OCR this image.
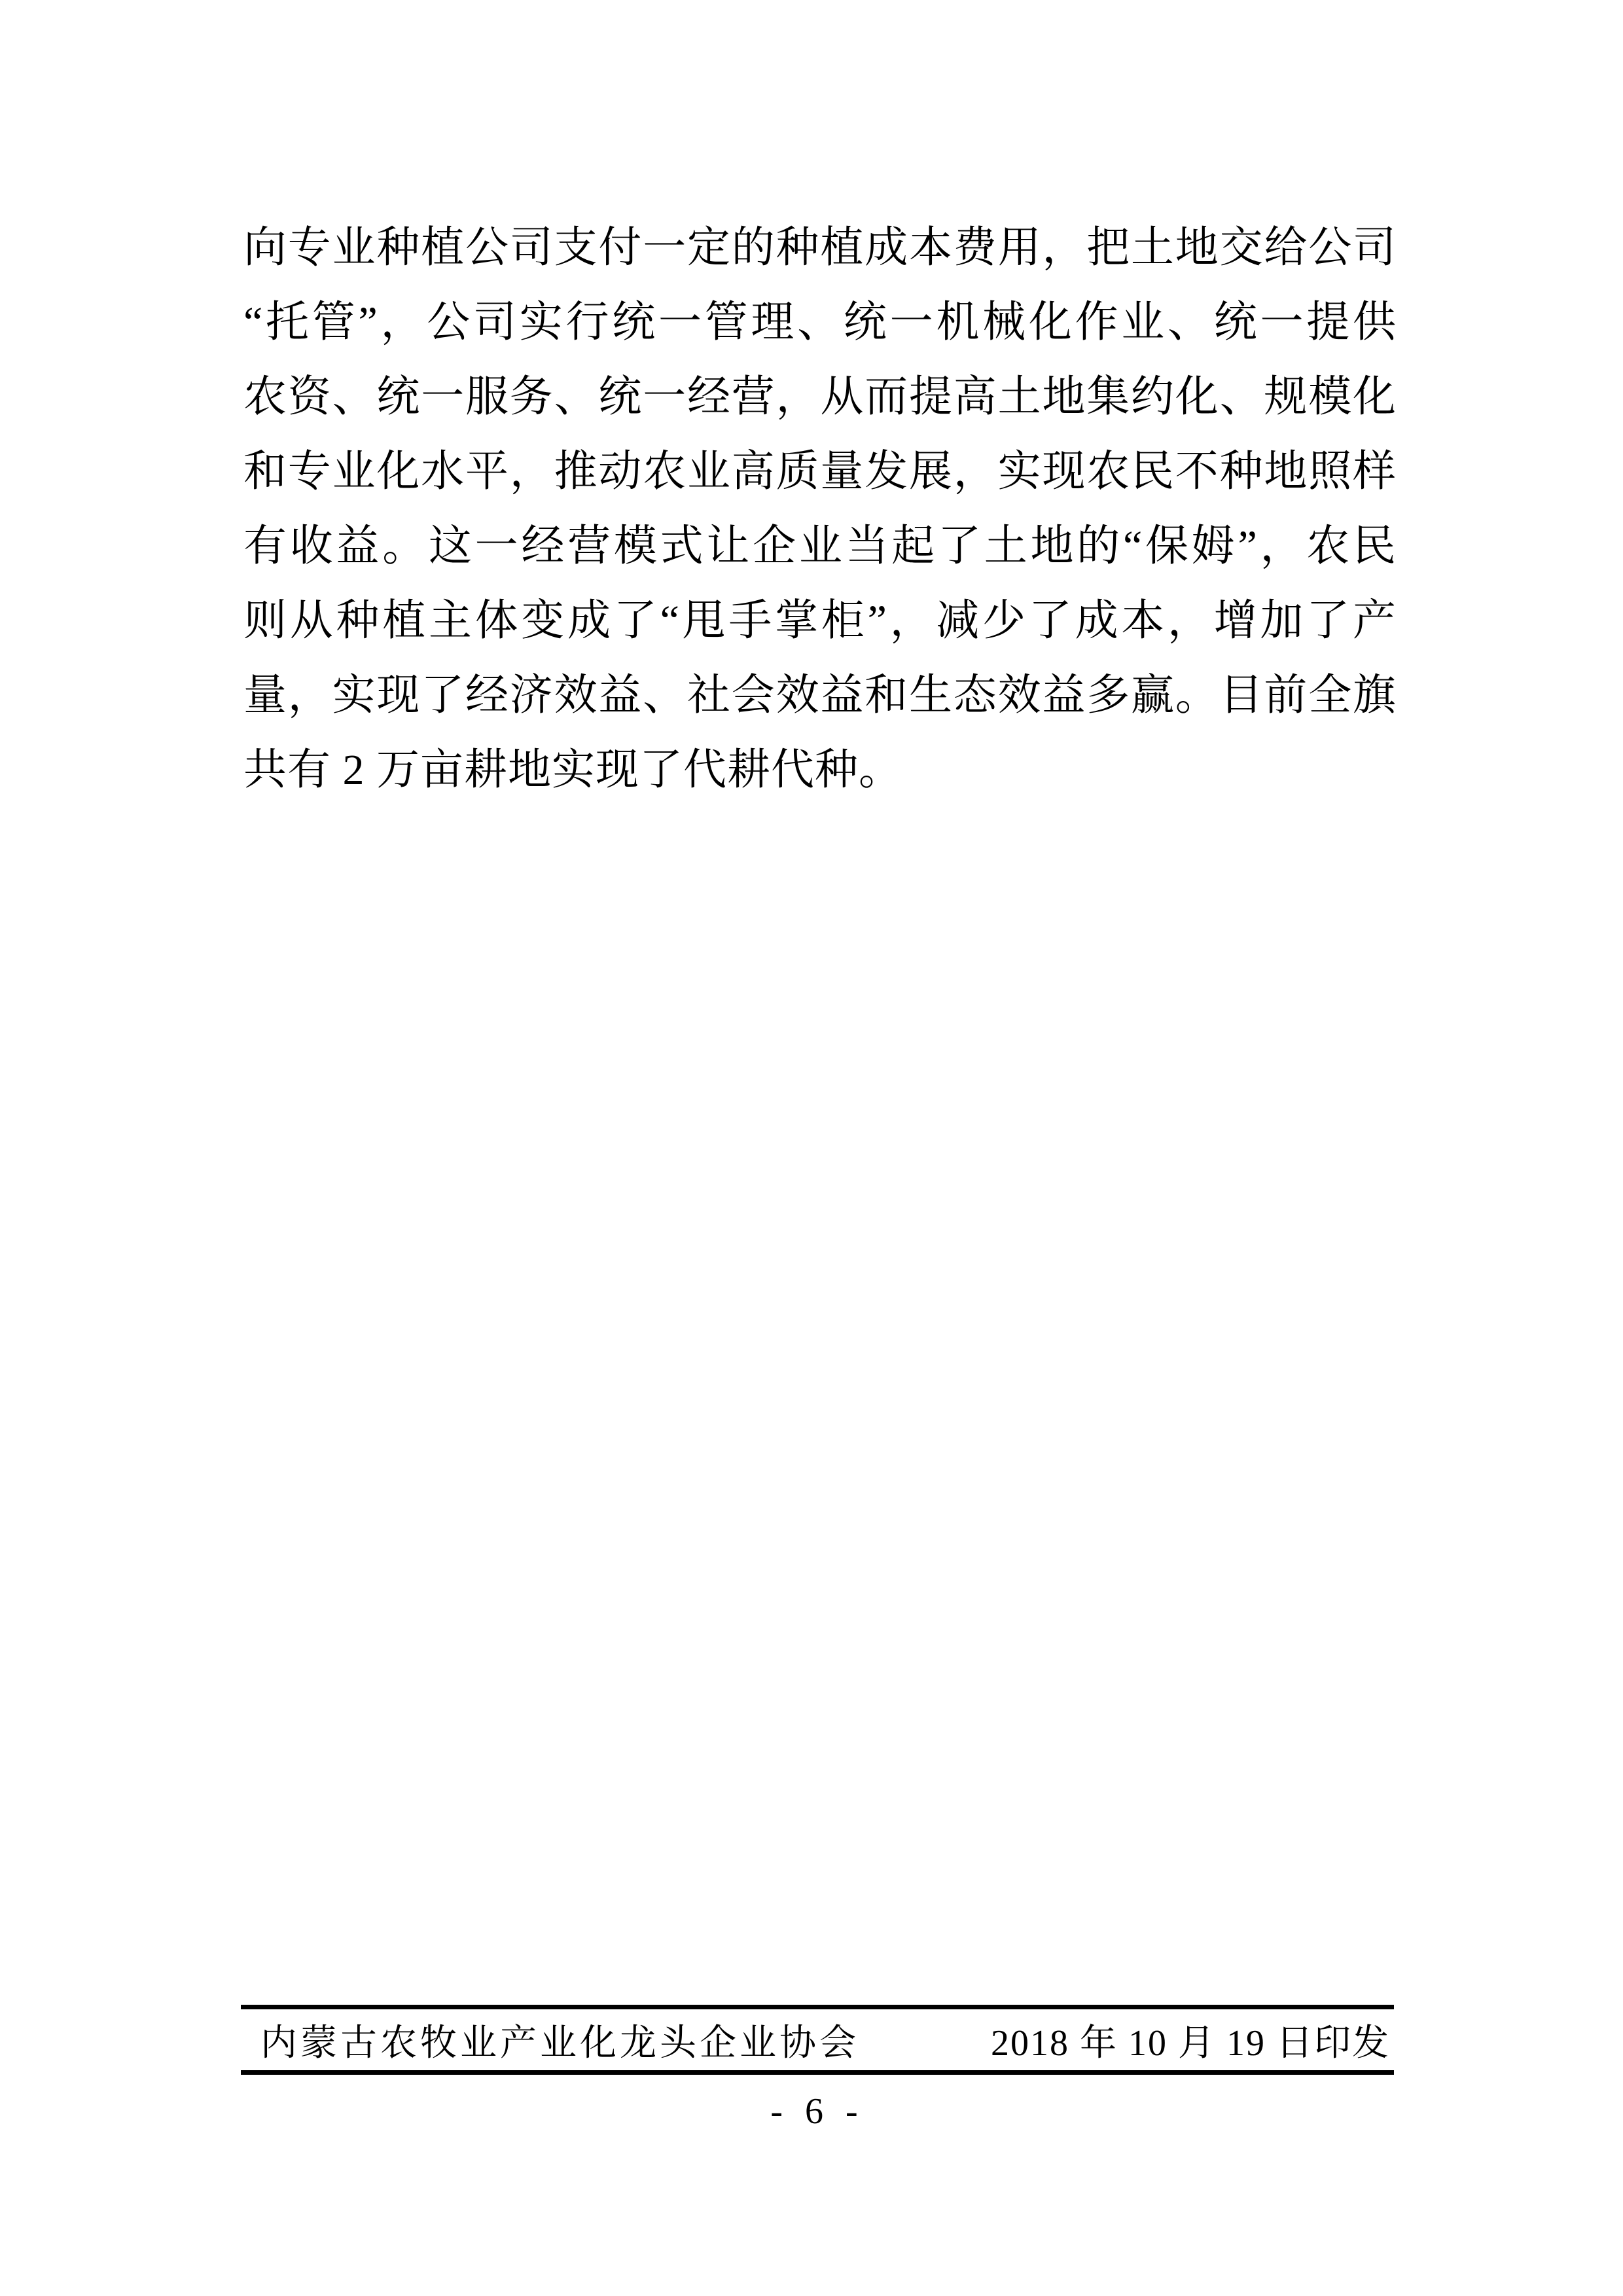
向专业种植公司支付一定的种植成本费用，把土地交给公司
“托管”，公司实行统一管理、统一机械化作业、统一提供
农资、统一服务、统一经营，从而提高土地集约化、规模化
和专业化水平，推动农业高质量发展，实现农民不种地照样
有收益。这一经营模式让企业当起了土地的“保姆”，农民
则从种植主体变成了“甩手掌柜”，减少了成本，增加了产
量，实现了经济效益、社会效益和生态效益多赢。目前全旗
共有 2 万亩耕地实现了代耕代种。
内蒙古农牧业产业化龙头企业协会	2018 年 10 月 19 日印发
- 6 -
